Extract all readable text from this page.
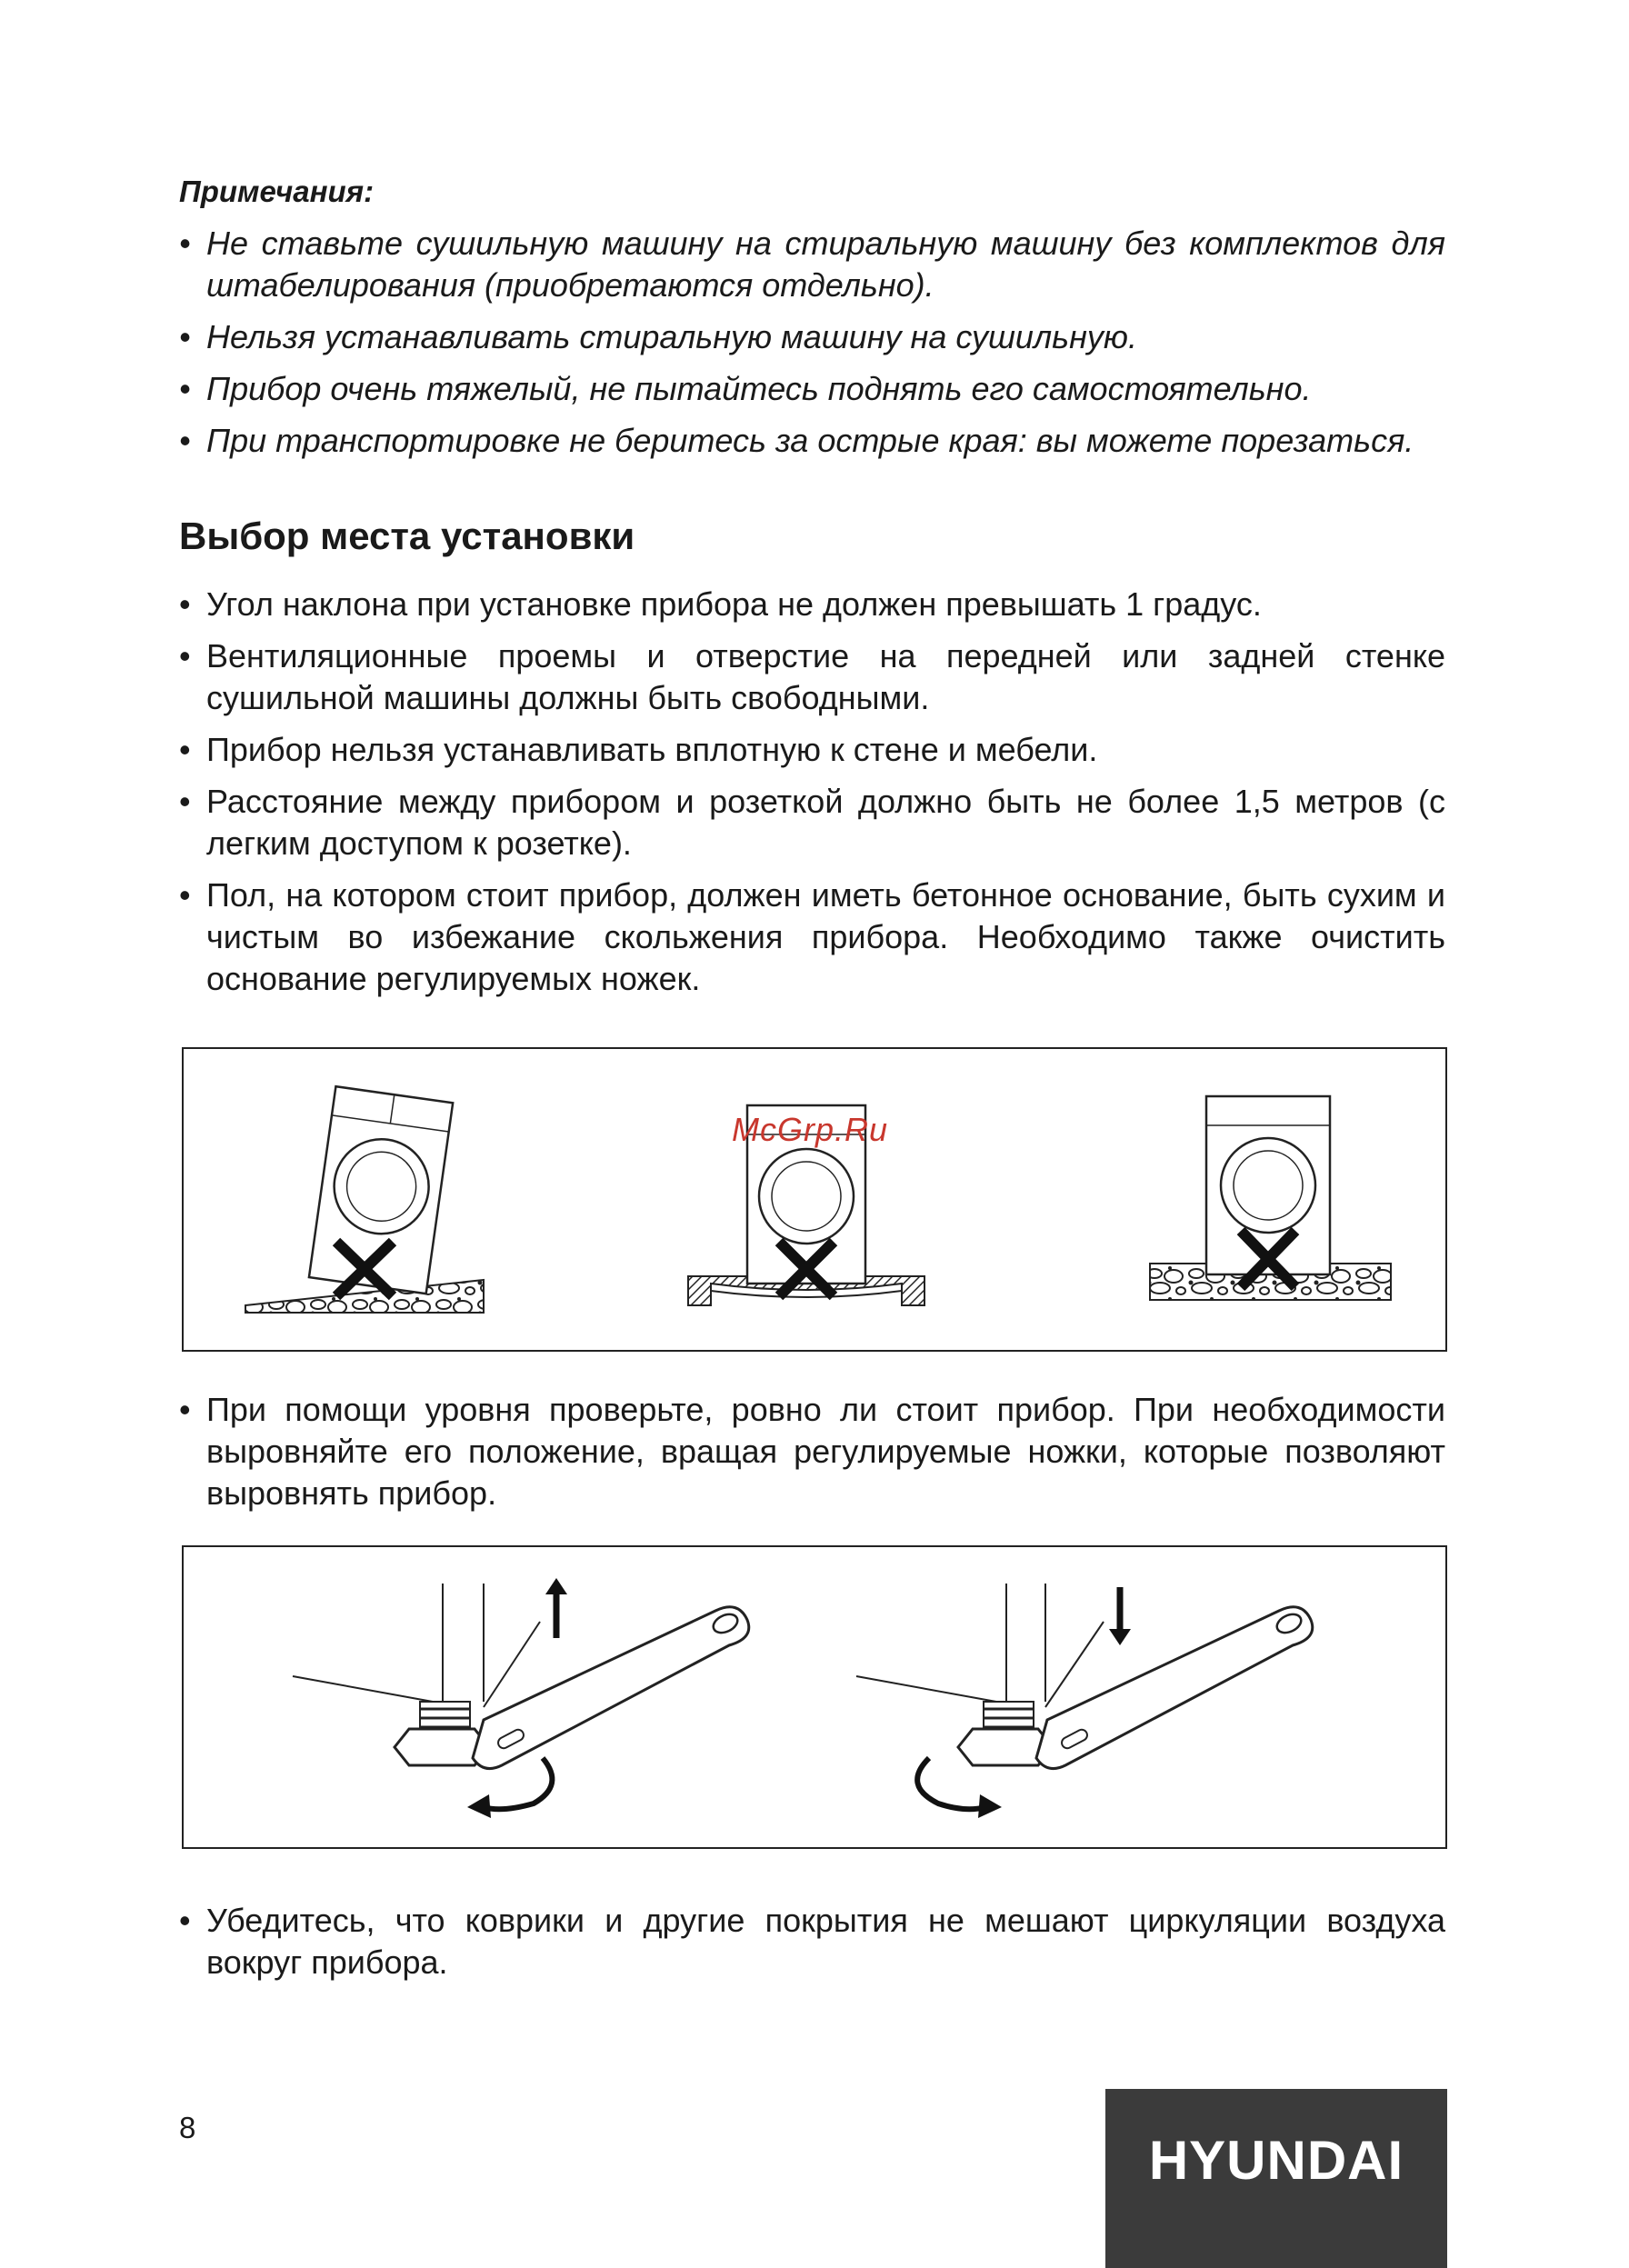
Примечания:
• Не ставьте сушильную машину на стиральную машину без комплектов для штабелирования (приобретаются отдельно).
• Нельзя устанавливать стиральную машину на сушильную.
• Прибор очень тяжелый, не пытайтесь поднять его самостоятельно.
• При транспортировке не беритесь за острые края: вы можете порезаться.
Выбор места установки
• Угол наклона при установке прибора не должен превышать 1 градус.
• Вентиляционные проемы и отверстие на передней или задней стенке сушильной машины должны быть свободными.
• Прибор нельзя устанавливать вплотную к стене и мебели.
• Расстояние между прибором и розеткой должно быть не более 1,5 метров (с легким доступом к розетке).
• Пол, на котором стоит прибор, должен иметь бетонное основание, быть сухим и чистым во избежание скольжения прибора. Необходимо также очистить основание регулируемых ножек.
McGrp.Ru
• При помощи уровня проверьте, ровно ли стоит прибор. При необходимости выровняйте его положение, вращая регулируемые ножки, которые позволяют выровнять прибор.
• Убедитесь, что коврики и другие покрытия не мешают циркуляции воздуха вокруг прибора.
8
HYUNDAI
